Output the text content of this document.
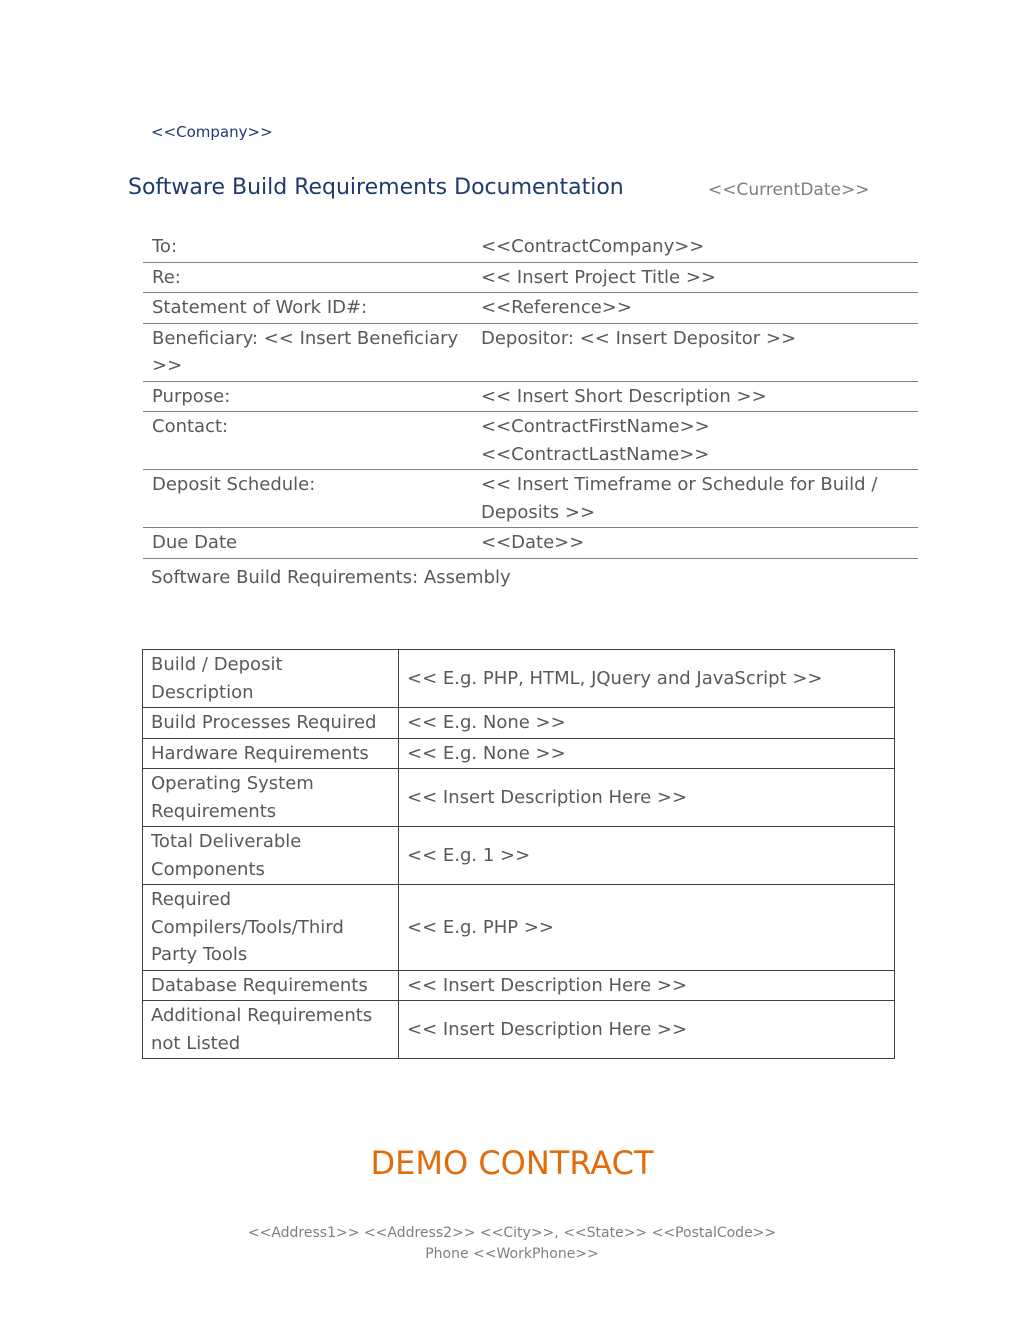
<<Company>>
Software Build Requirements Documentation	<<CurrentDate>>
To:	<<ContractCompany>>
Re:	<< Insert Project Title >>
Statement of Work ID#:	<<Reference>>
Beneficiary: << Insert Beneficiary >>	Depositor: << Insert Depositor >>
Purpose:	<< Insert Short Description >>
Contact:	<<ContractFirstName>> <<ContractLastName>>
Deposit Schedule:	<< Insert Timeframe or Schedule for Build / Deposits >>
Due Date	<<Date>>
Software Build Requirements: Assembly
Build / Deposit Description	<< E.g. PHP, HTML, JQuery and JavaScript >>
Build Processes Required	<< E.g. None >>
Hardware Requirements	<< E.g. None >>
Operating System Requirements	<< Insert Description Here >>
Total Deliverable Components	<< E.g. 1 >>
Required Compilers/Tools/Third Party Tools	<< E.g. PHP >>
Database Requirements	<< Insert Description Here >>
Additional Requirements not Listed	<< Insert Description Here >>
DEMO CONTRACT
<<Address1>> <<Address2>> <<City>>, <<State>> <<PostalCode>>
Phone <<WorkPhone>>
